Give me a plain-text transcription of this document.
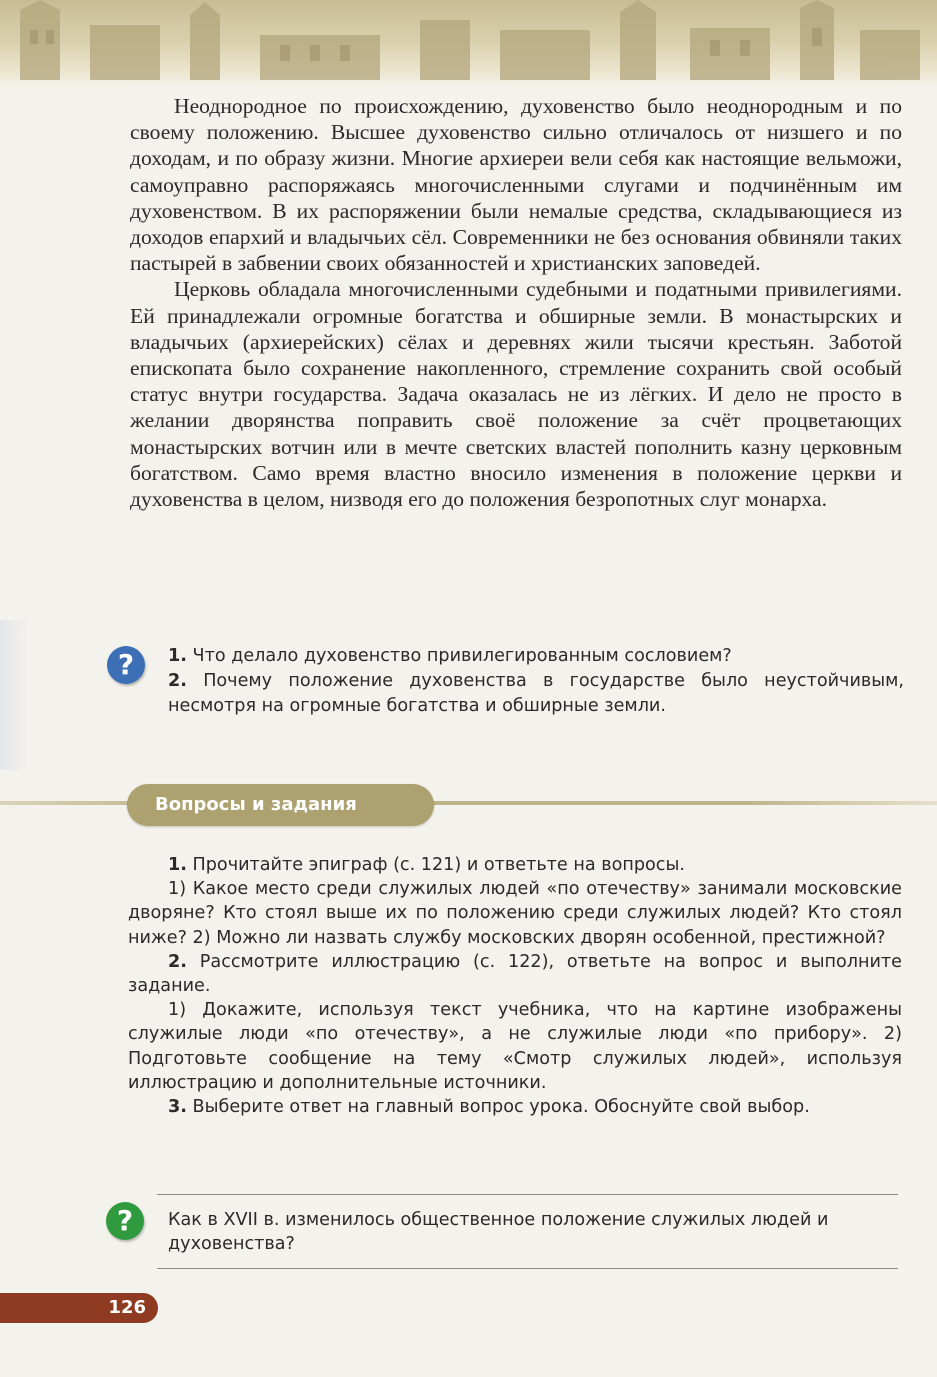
Неоднородное по происхождению, духовенство было неоднородным и по своему положению. Высшее духовенство сильно отличалось от низшего и по доходам, и по образу жизни. Многие архиереи вели себя как настоящие вельможи, самоуправно распоряжаясь многочисленными слугами и подчинённым им духовенством. В их распоряжении были немалые средства, складывающиеся из доходов епархий и владычьих сёл. Современники не без основания обвиняли таких пастырей в забвении своих обязанностей и христианских заповедей.

Церковь обладала многочисленными судебными и податными привилегиями. Ей принадлежали огромные богатства и обширные земли. В монастырских и владычьих (архиерейских) сёлах и деревнях жили тысячи крестьян. Заботой епископата было сохранение накопленного, стремление сохранить свой особый статус внутри государства. Задача оказалась не из лёгких. И дело не просто в желании дворянства поправить своё положение за счёт процветающих монастырских вотчин или в мечте светских властей пополнить казну церковным богатством. Само время властно вносило изменения в положение церкви и духовенства в целом, низводя его до положения безропотных слуг монарха.

?	1. Что делало духовенство привилегированным сословием?

2. Почему положение духовенства в государстве было неустойчивым, несмотря на огромные богатства и обширные земли.

Вопросы и задания

1. Прочитайте эпиграф (с. 121) и ответьте на вопросы.

1) Какое место среди служилых людей «по отечеству» занимали московские дворяне? Кто стоял выше их по положению среди служилых людей? Кто стоял ниже? 2) Можно ли назвать службу московских дворян особенной, престижной?

2. Рассмотрите иллюстрацию (с. 122), ответьте на вопрос и выполните задание.

1) Докажите, используя текст учебника, что на картине изображены служилые люди «по отечеству», а не служилые люди «по прибору». 2) Подготовьте сообщение на тему «Смотр служилых людей», используя иллюстрацию и дополнительные источники.

3. Выберите ответ на главный вопрос урока. Обоснуйте свой выбор.

?	Как в XVII в. изменилось общественное положение служилых людей и духовенства?
126
